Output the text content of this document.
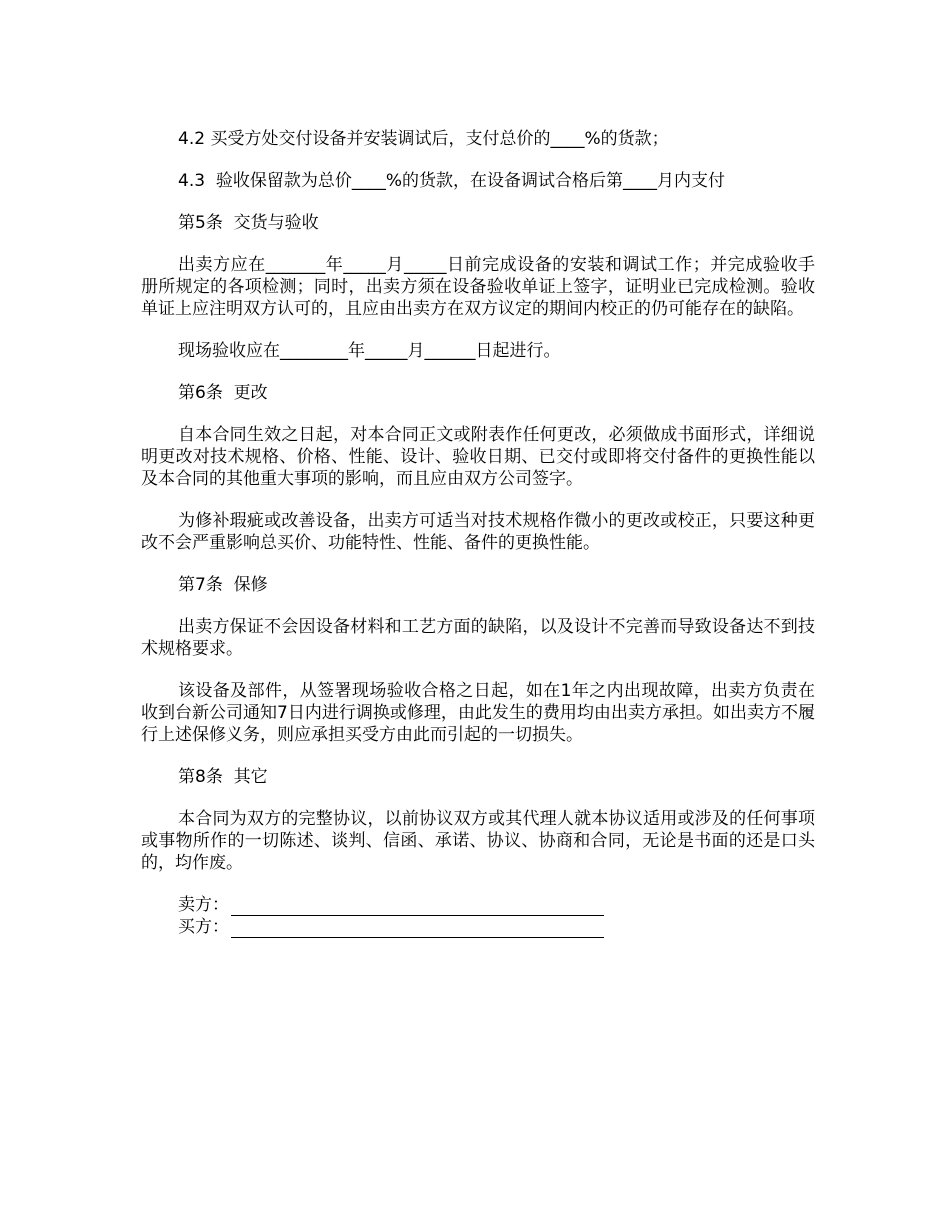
4.2 买受方处交付设备并安装调试后，支付总价的____%的货款；

4.3  验收保留款为总价____%的货款，在设备调试合格后第____月内支付

第5条  交货与验收

出卖方应在_______年_____月_____日前完成设备的安装和调试工作；并完成验收手册所规定的各项检测；同时，出卖方须在设备验收单证上签字，证明业已完成检测。验收单证上应注明双方认可的，且应由出卖方在双方议定的期间内校正的仍可能存在的缺陷。

现场验收应在________年_____月______日起进行。

第6条  更改

自本合同生效之日起，对本合同正文或附表作任何更改，必须做成书面形式，详细说明更改对技术规格、价格、性能、设计、验收日期、已交付或即将交付备件的更换性能以及本合同的其他重大事项的影响，而且应由双方公司签字。

为修补瑕疵或改善设备，出卖方可适当对技术规格作微小的更改或校正，只要这种更改不会严重影响总买价、功能特性、性能、备件的更换性能。

第7条  保修

出卖方保证不会因设备材料和工艺方面的缺陷，以及设计不完善而导致设备达不到技术规格要求。

该设备及部件，从签署现场验收合格之日起，如在1年之内出现故障，出卖方负责在收到台新公司通知7日内进行调换或修理，由此发生的费用均由出卖方承担。如出卖方不履行上述保修义务，则应承担买受方由此而引起的一切损失。

第8条  其它

本合同为双方的完整协议，以前协议双方或其代理人就本协议适用或涉及的任何事项或事物所作的一切陈述、谈判、信函、承诺、协议、协商和合同，无论是书面的还是口头的，均作废。

卖方：
买方：
